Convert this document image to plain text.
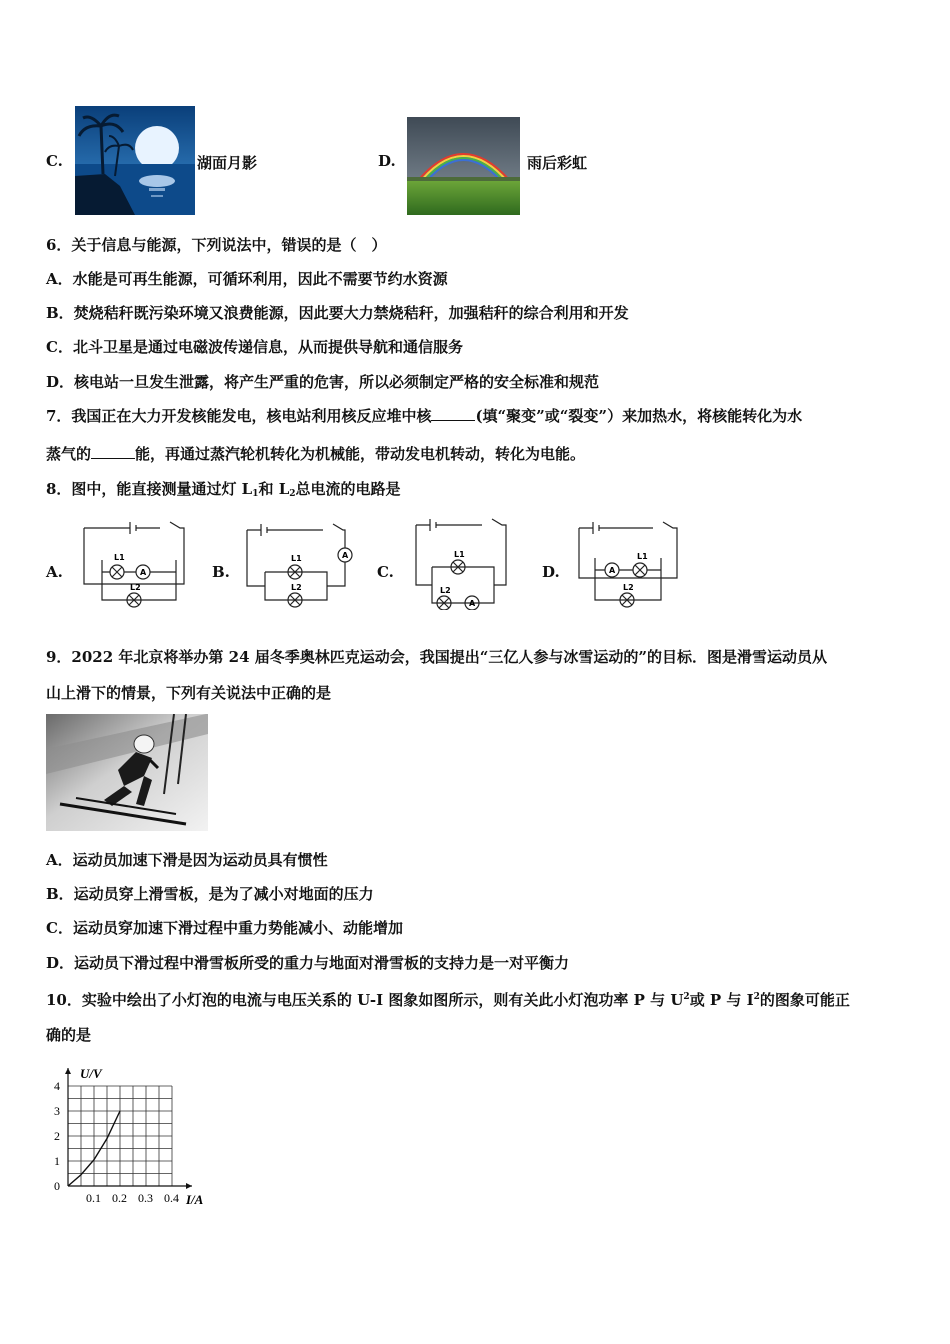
C.	湖面月影	D.	雨后彩虹
6．关于信息与能源，下列说法中，错误的是（　）
A．水能是可再生能源，可循环利用，因此不需要节约水资源
B．焚烧秸秆既污染环境又浪费能源，因此要大力禁烧秸秆，加强秸秆的综合利用和开发
C．北斗卫星是通过电磁波传递信息，从而提供导航和通信服务
D．核电站一旦发生泄露，将产生严重的危害，所以必须制定严格的安全标准和规范
7．我国正在大力开发核能发电，核电站利用核反应堆中核	(填“聚变”或“裂变”）来加热水，将核能转化为水
蒸气的	能，再通过蒸汽轮机转化为机械能，带动发电机转动，转化为电能。
8．图中，能直接测量通过灯 $L_1$和 $L_2$总电流的电路是
A.	B.	C.	D.
L1
A
L2
A
L1
L2
L1
L2
A
A
L1
L2
9．2022 年北京将举办第 24 届冬季奥林匹克运动会，我国提出“三亿人参与冰雪运动的”的目标．图是滑雪运动员从
山上滑下的情景，下列有关说法中正确的是
A．运动员加速下滑是因为运动员具有惯性
B．运动员穿上滑雪板，是为了减小对地面的压力
C．运动员穿加速下滑过程中重力势能减小、动能增加
D．运动员下滑过程中滑雪板所受的重力与地面对滑雪板的支持力是一对平衡力
10．实验中绘出了小灯泡的电流与电压关系的 U-I 图象如图所示，则有关此小灯泡功率 P 与 $U^2$或 P 与 $I^2$的图象可能正
确的是
0.1 0.2 0.3 0.4
0
1
2
3
4
U/V
I/A
